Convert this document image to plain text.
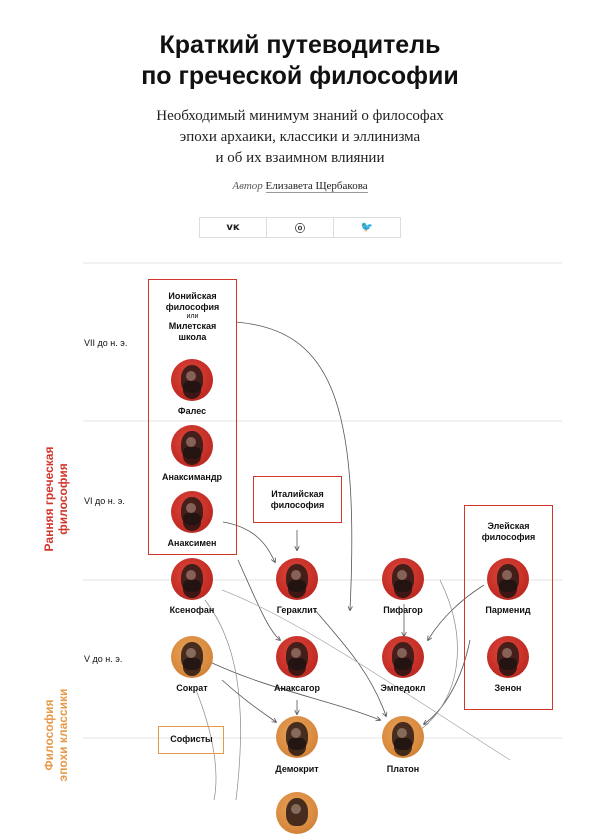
Краткий путеводитель
по греческой философии

Необходимый минимум знаний о философах
эпохи архаики, классики и эллинизма
и об их взаимном влиянии

Автор Елизавета Щербакова
ᴠᴋ	ⓞ	🐦
VII до н. э.
VI до н. э.
V до н. э.
Ранняя греческая
философия
Философия
эпохи классики
Ионийская
философия
или
Милетская
школа
Италийская
философия
Элейская
философия
Софисты
Фалес
Анаксимандр
Анаксимен
Ксенофан	Гераклит	Пифагор	Парменид
Зенон
Сократ	Анаксагор	Эмпедокл
Демокрит	Платон
